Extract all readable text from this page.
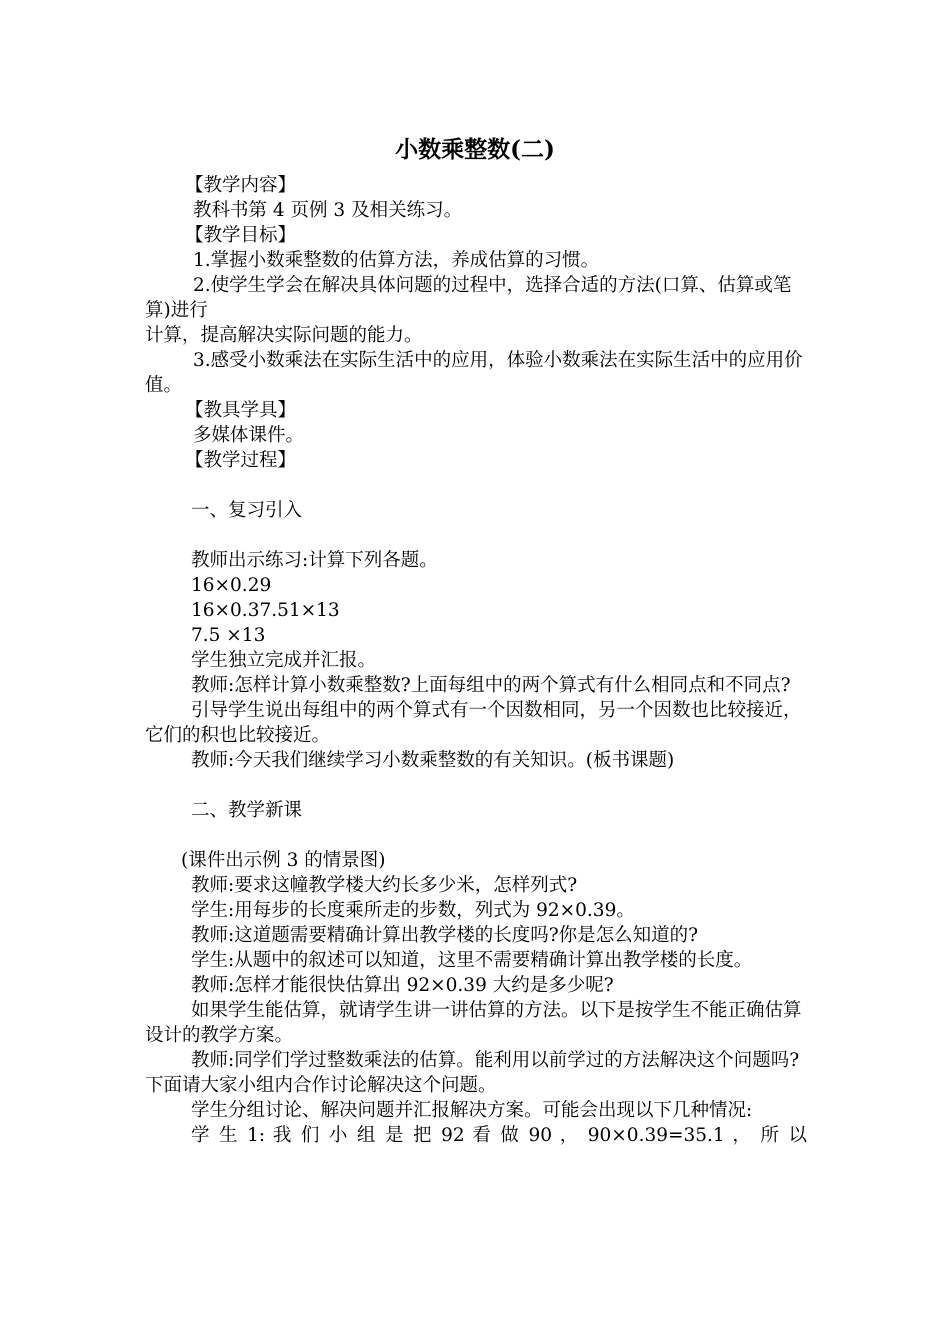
小数乘整数(二)

【教学内容】

教科书第 4 页例 3 及相关练习。

【教学目标】

1.掌握小数乘整数的估算方法，养成估算的习惯。

2.使学生学会在解决具体问题的过程中，选择合适的方法(口算、估算或笔算)进行

计算，提高解决实际问题的能力。

3.感受小数乘法在实际生活中的应用，体验小数乘法在实际生活中的应用价值。

【教具学具】

多媒体课件。

【教学过程】

一、复习引入

教师出示练习:计算下列各题。

16×0.29

16×0.37.51×13

7.5 ×13

学生独立完成并汇报。

教师:怎样计算小数乘整数?上面每组中的两个算式有什么相同点和不同点?

引导学生说出每组中的两个算式有一个因数相同，另一个因数也比较接近，它们的积也比较接近。

教师:今天我们继续学习小数乘整数的有关知识。(板书课题)

二、教学新课

(课件出示例 3 的情景图)

教师:要求这幢教学楼大约长多少米，怎样列式?

学生:用每步的长度乘所走的步数，列式为 92×0.39。

教师:这道题需要精确计算出教学楼的长度吗?你是怎么知道的?

学生:从题中的叙述可以知道，这里不需要精确计算出教学楼的长度。

教师:怎样才能很快估算出 92×0.39 大约是多少呢?

如果学生能估算，就请学生讲一讲估算的方法。以下是按学生不能正确估算设计的教学方案。

教师:同学们学过整数乘法的估算。能利用以前学过的方法解决这个问题吗?下面请大家小组内合作讨论解决这个问题。

学生分组讨论、解决问题并汇报解决方案。可能会出现以下几种情况:

学 生 1: 我 们 小 组 是 把 92 看 做 90 ， 90×0.39=35.1 ， 所 以
